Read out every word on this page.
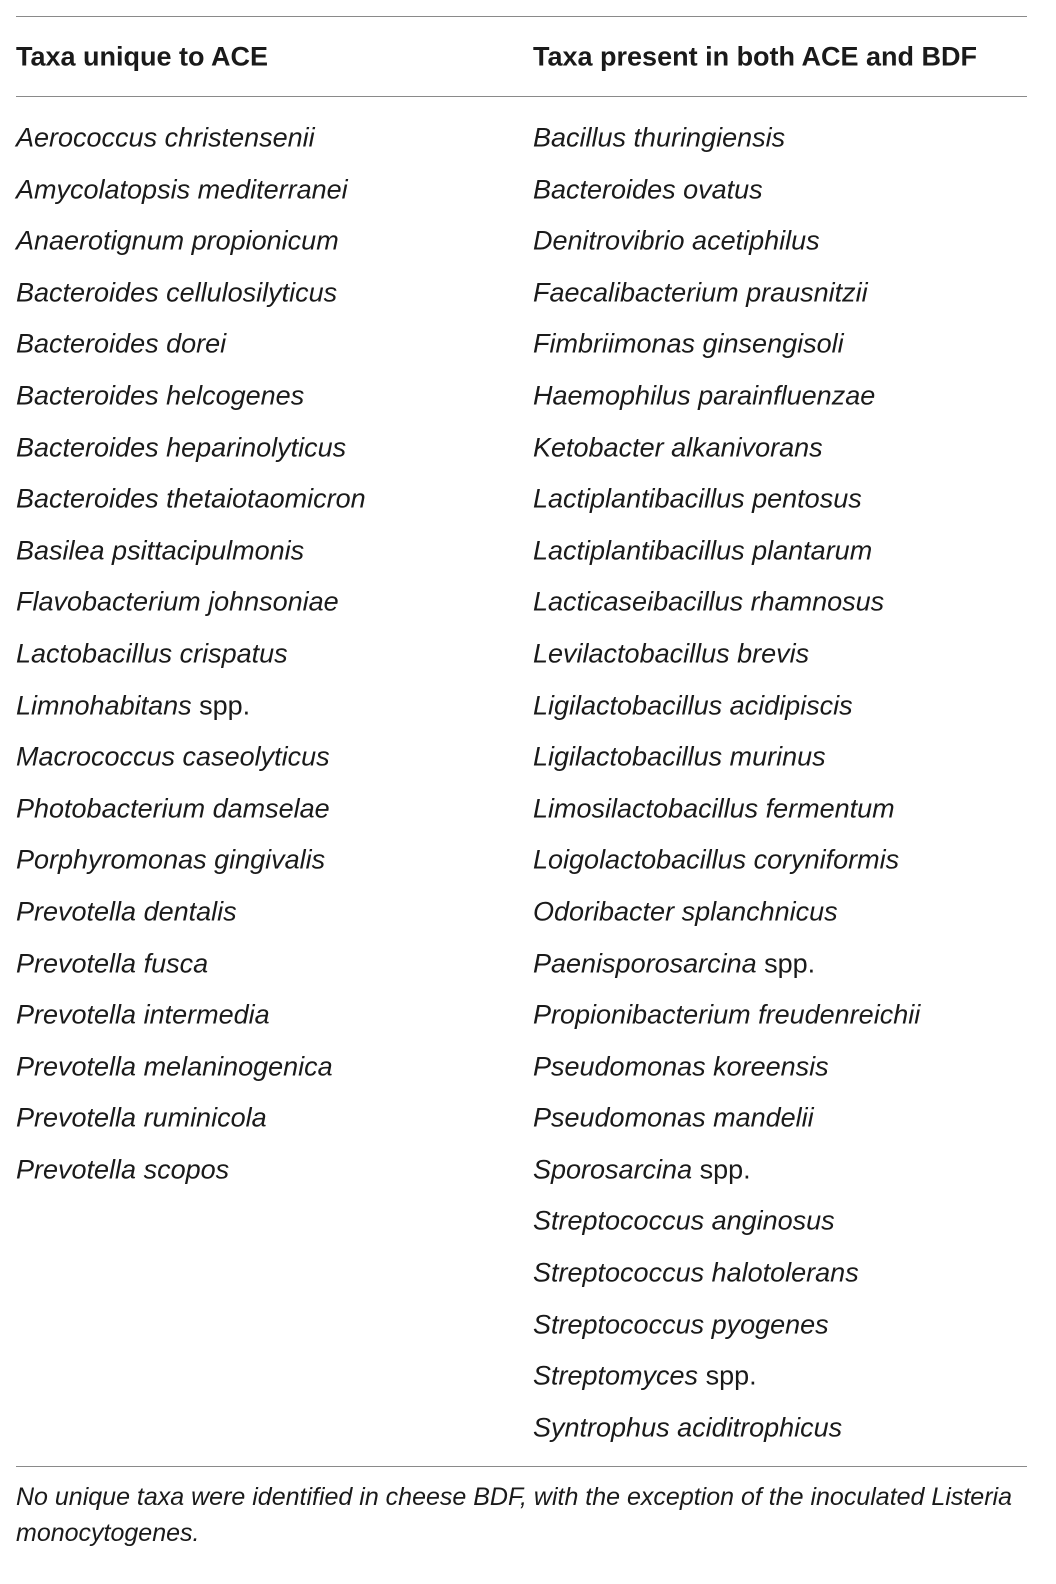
Taxa unique to ACE	Taxa present in both ACE and BDF
Aerococcus christensenii
Amycolatopsis mediterranei
Anaerotignum propionicum
Bacteroides cellulosilyticus
Bacteroides dorei
Bacteroides helcogenes
Bacteroides heparinolyticus
Bacteroides thetaiotaomicron
Basilea psittacipulmonis
Flavobacterium johnsoniae
Lactobacillus crispatus
Limnohabitans spp.
Macrococcus caseolyticus
Photobacterium damselae
Porphyromonas gingivalis
Prevotella dentalis
Prevotella fusca
Prevotella intermedia
Prevotella melaninogenica
Prevotella ruminicola
Prevotella scopos
Bacillus thuringiensis
Bacteroides ovatus
Denitrovibrio acetiphilus
Faecalibacterium prausnitzii
Fimbriimonas ginsengisoli
Haemophilus parainfluenzae
Ketobacter alkanivorans
Lactiplantibacillus pentosus
Lactiplantibacillus plantarum
Lacticaseibacillus rhamnosus
Levilactobacillus brevis
Ligilactobacillus acidipiscis
Ligilactobacillus murinus
Limosilactobacillus fermentum
Loigolactobacillus coryniformis
Odoribacter splanchnicus
Paenisporosarcina spp.
Propionibacterium freudenreichii
Pseudomonas koreensis
Pseudomonas mandelii
Sporosarcina spp.
Streptococcus anginosus
Streptococcus halotolerans
Streptococcus pyogenes
Streptomyces spp.
Syntrophus aciditrophicus
No unique taxa were identified in cheese BDF, with the exception of the inoculated Listeria monocytogenes.
